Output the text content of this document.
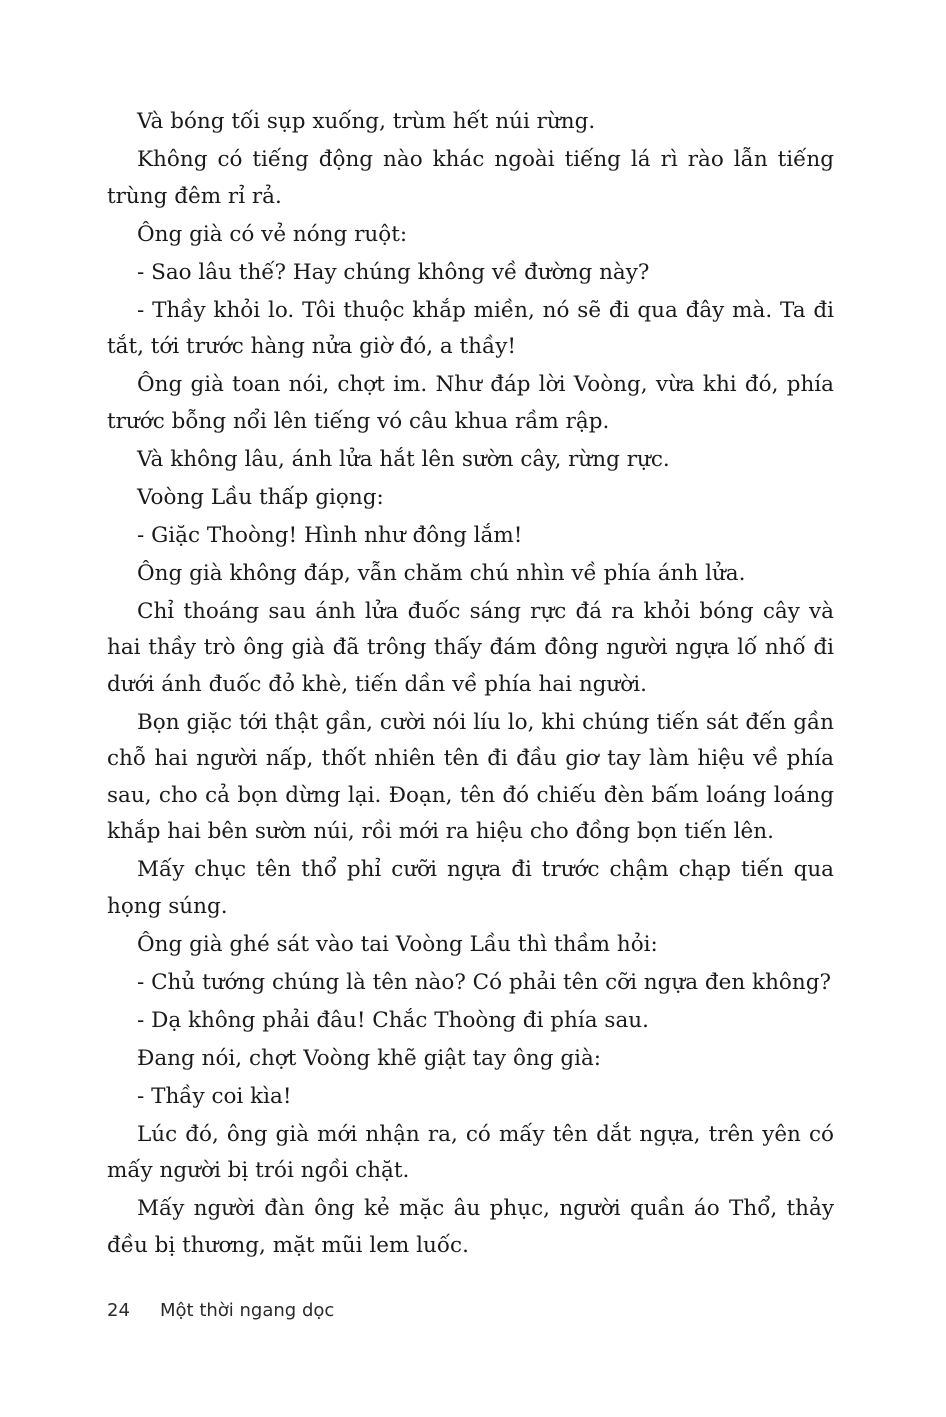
Và bóng tối sụp xuống, trùm hết núi rừng.

Không có tiếng động nào khác ngoài tiếng lá rì rào lẫn tiếng trùng đêm rỉ rả.

Ông già có vẻ nóng ruột:

- Sao lâu thế? Hay chúng không về đường này?

- Thầy khỏi lo. Tôi thuộc khắp miền, nó sẽ đi qua đây mà. Ta đi tắt, tới trước hàng nửa giờ đó, a thầy!

Ông già toan nói, chợt im. Như đáp lời Voòng, vừa khi đó, phía trước bỗng nổi lên tiếng vó câu khua rầm rập.

Và không lâu, ánh lửa hắt lên sườn cây, rừng rực.

Voòng Lầu thấp giọng:

- Giặc Thoòng! Hình như đông lắm!

Ông già không đáp, vẫn chăm chú nhìn về phía ánh lửa.

Chỉ thoáng sau ánh lửa đuốc sáng rực đá ra khỏi bóng cây và hai thầy trò ông già đã trông thấy đám đông người ngựa lố nhố đi dưới ánh đuốc đỏ khè, tiến dần về phía hai người.

Bọn giặc tới thật gần, cười nói líu lo, khi chúng tiến sát đến gần chỗ hai người nấp, thốt nhiên tên đi đầu giơ tay làm hiệu về phía sau, cho cả bọn dừng lại. Đoạn, tên đó chiếu đèn bấm loáng loáng khắp hai bên sườn núi, rồi mới ra hiệu cho đồng bọn tiến lên.

Mấy chục tên thổ phỉ cưỡi ngựa đi trước chậm chạp tiến qua họng súng.

Ông già ghé sát vào tai Voòng Lầu thì thầm hỏi:

- Chủ tướng chúng là tên nào? Có phải tên cỡi ngựa đen không?

- Dạ không phải đâu! Chắc Thoòng đi phía sau.

Đang nói, chợt Voòng khẽ giật tay ông già:

- Thầy coi kìa!

Lúc đó, ông già mới nhận ra, có mấy tên dắt ngựa, trên yên có mấy người bị trói ngồi chặt.

Mấy người đàn ông kẻ mặc âu phục, người quần áo Thổ, thảy đều bị thương, mặt mũi lem luốc.

24 Một thời ngang dọc
